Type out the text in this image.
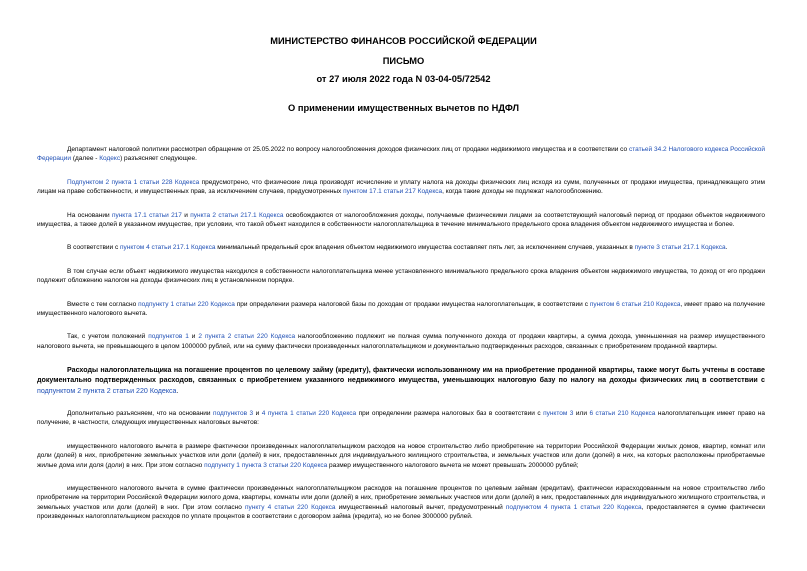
МИНИСТЕРСТВО ФИНАНСОВ РОССИЙСКОЙ ФЕДЕРАЦИИ
ПИСЬМО
от 27 июля 2022 года N 03-04-05/72542
О применении имущественных вычетов по НДФЛ

Департамент налоговой политики рассмотрел обращение от 25.05.2022 по вопросу налогообложения доходов физических лиц от продажи недвижимого имущества и в соответствии со статьей 34.2 Налогового кодекса Российской Федерации (далее - Кодекс) разъясняет следующее.

Подпунктом 2 пункта 1 статьи 228 Кодекса предусмотрено, что физические лица производят исчисление и уплату налога на доходы физических лиц исходя из сумм, полученных от продажи имущества, принадлежащего этим лицам на праве собственности, и имущественных прав, за исключением случаев, предусмотренных пунктом 17.1 статьи 217 Кодекса, когда такие доходы не подлежат налогообложению.

На основании пункта 17.1 статьи 217 и пункта 2 статьи 217.1 Кодекса освобождаются от налогообложения доходы, получаемые физическими лицами за соответствующий налоговый период от продажи объектов недвижимого имущества, а также долей в указанном имуществе, при условии, что такой объект находился в собственности налогоплательщика в течение минимального предельного срока владения объектом недвижимого имущества и более.

В соответствии с пунктом 4 статьи 217.1 Кодекса минимальный предельный срок владения объектом недвижимого имущества составляет пять лет, за исключением случаев, указанных в пункте 3 статьи 217.1 Кодекса.

В том случае если объект недвижимого имущества находился в собственности налогоплательщика менее установленного минимального предельного срока владения объектом недвижимого имущества, то доход от его продажи подлежит обложению налогом на доходы физических лиц в установленном порядке.

Вместе с тем согласно подпункту 1 статьи 220 Кодекса при определении размера налоговой базы по доходам от продажи имущества налогоплательщик, в соответствии с пунктом 6 статьи 210 Кодекса, имеет право на получение имущественного налогового вычета.

Так, с учетом положений подпунктов 1 и 2 пункта 2 статьи 220 Кодекса налогообложению подлежит не полная сумма полученного дохода от продажи квартиры, а сумма дохода, уменьшенная на размер имущественного налогового вычета, не превышающего в целом 1000000 рублей, или на сумму фактически произведенных налогоплательщиком и документально подтвержденных расходов, связанных с приобретением проданной квартиры.

Расходы налогоплательщика на погашение процентов по целевому займу (кредиту), фактически использованному им на приобретение проданной квартиры, также могут быть учтены в составе документально подтвержденных расходов, связанных с приобретением указанного недвижимого имущества, уменьшающих налоговую базу по налогу на доходы физических лиц в соответствии с подпунктом 2 пункта 2 статьи 220 Кодекса.

Дополнительно разъясняем, что на основании подпунктов 3 и 4 пункта 1 статьи 220 Кодекса при определении размера налоговых баз в соответствии с пунктом 3 или 6 статьи 210 Кодекса налогоплательщик имеет право на получение, в частности, следующих имущественных налоговых вычетов:

имущественного налогового вычета в размере фактически произведенных налогоплательщиком расходов на новое строительство либо приобретение на территории Российской Федерации жилых домов, квартир, комнат или доли (долей) в них, приобретение земельных участков или доли (долей) в них, предоставленных для индивидуального жилищного строительства, и земельных участков или доли (долей) в них, на которых расположены приобретаемые жилые дома или доля (доли) в них. При этом согласно подпункту 1 пункта 3 статьи 220 Кодекса размер имущественного налогового вычета не может превышать 2000000 рублей;

имущественного налогового вычета в сумме фактически произведенных налогоплательщиком расходов на погашение процентов по целевым займам (кредитам), фактически израсходованным на новое строительство либо приобретение на территории Российской Федерации жилого дома, квартиры, комнаты или доли (долей) в них, приобретение земельных участков или доли (долей) в них, предоставленных для индивидуального жилищного строительства, и земельных участков или доли (долей) в них. При этом согласно пункту 4 статьи 220 Кодекса имущественный налоговый вычет, предусмотренный подпунктом 4 пункта 1 статьи 220 Кодекса, предоставляется в сумме фактически произведенных налогоплательщиком расходов по уплате процентов в соответствии с договором займа (кредита), но не более 3000000 рублей.
